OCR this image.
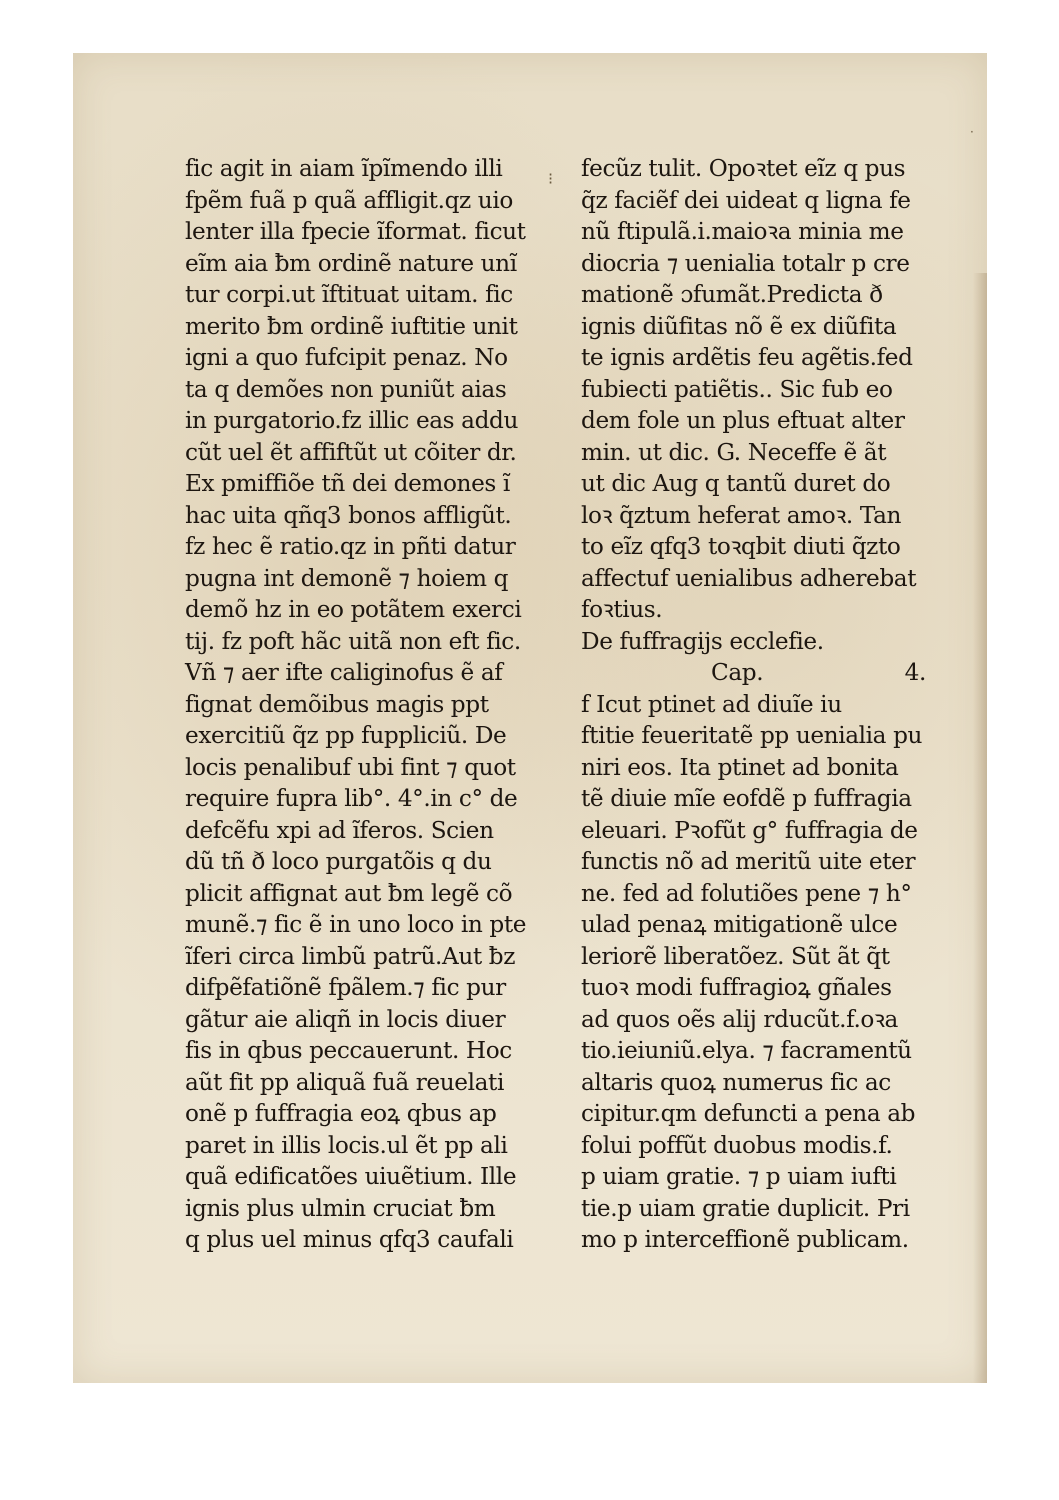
⁝
·
fic agit in aiam ĩpĩmendo illi
fpẽm fuã p quã affligit.qz uio
lenter illa fpecie ĩformat. ficut
eĩm aia ƀm ordinẽ nature unĩ
tur corpi.ut ĩftituat uitam. fic
merito ƀm ordinẽ iuftitie unit
igni a quo fufcipit penaz. No
ta q demões non puniũt aias
in purgatorio.fz illic eas addu
cũt uel ẽt affiftũt ut cõiter dr.
Ex pmiffiõe tñ dei demones ĩ
hac uita qñq3 bonos affligũt.
fz hec ẽ ratio.qz in pñti datur
pugna int demonẽ ⁊ hoiem q
demõ hz in eo potãtem exerci
tij. fz poft hãc uitã non eft fic.
Vñ ⁊ aer ifte caliginofus ẽ af
fignat demõibus magis ppt
exercitiũ q̃z pp fuppliciũ. De
locis penalibuf ubi fint ⁊ quot
require fupra lib°. 4°.in c° de
defcẽfu xpi ad ĩferos. Scien
dũ tñ ð loco purgatõis q du
plicit affignat aut ƀm legẽ cõ
munẽ.⁊ fic ẽ in uno loco in pte
ĩferi circa limbũ patrũ.Aut ƀz
difpẽfatiõnẽ fpãlem.⁊ fic pur
gãtur aie aliqñ in locis diuer
fis in qbus peccauerunt. Hoc
aũt fit pp aliquã fuã reuelati
onẽ p fuffragia eoꝝ qbus ap
paret in illis locis.ul ẽt pp ali
quã edificatões uiuẽtium. Ille
ignis plus ulmin cruciat ƀm
q plus uel minus qfq3 caufali
fecũz tulit. Opoꝛtet eĩz q pus
q̃z faciẽf dei uideat q ligna fe
nũ ftipulã.i.maioꝛa minia me
diocria ⁊ uenialia totalr p cre
mationẽ ɔfumãt.Predicta ð
ignis diũfitas nõ ẽ ex diũfita
te ignis ardẽtis feu agẽtis.fed
fubiecti patiẽtis.. Sic fub eo
dem fole un plus eftuat alter
min. ut dic. G. Neceffe ẽ ãt
ut dic Aug q tantũ duret do
loꝛ q̃ztum heferat amoꝛ. Tan
to eĩz qfq3 toꝛqbit diuti q̃zto
affectuf uenialibus adherebat
foꝛtius.
De fuffragijs ecclefie.
Cap.	4.
f Icut ptinet ad diuĩe iu
ftitie feueritatẽ pp uenialia pu
niri eos. Ita ptinet ad bonita
tẽ diuie mĩe eofdẽ p fuffragia
eleuari. Pꝛofũt g° fuffragia de
functis nõ ad meritũ uite eter
ne. fed ad folutiões pene ⁊ h°
ulad penaꝝ mitigationẽ ulce
leriorẽ liberatõez. Sũt ãt q̃t
tuoꝛ modi fuffragioꝝ gñales
ad quos oẽs alij rducũt.f.oꝛa
tio.ieiuniũ.elya. ⁊ facramentũ
altaris quoꝝ numerus fic ac
cipitur.qm defuncti a pena ab
folui poffũt duobus modis.f.
p uiam gratie. ⁊ p uiam iufti
tie.p uiam gratie duplicit. Pri
mo p interceffionẽ publicam.
